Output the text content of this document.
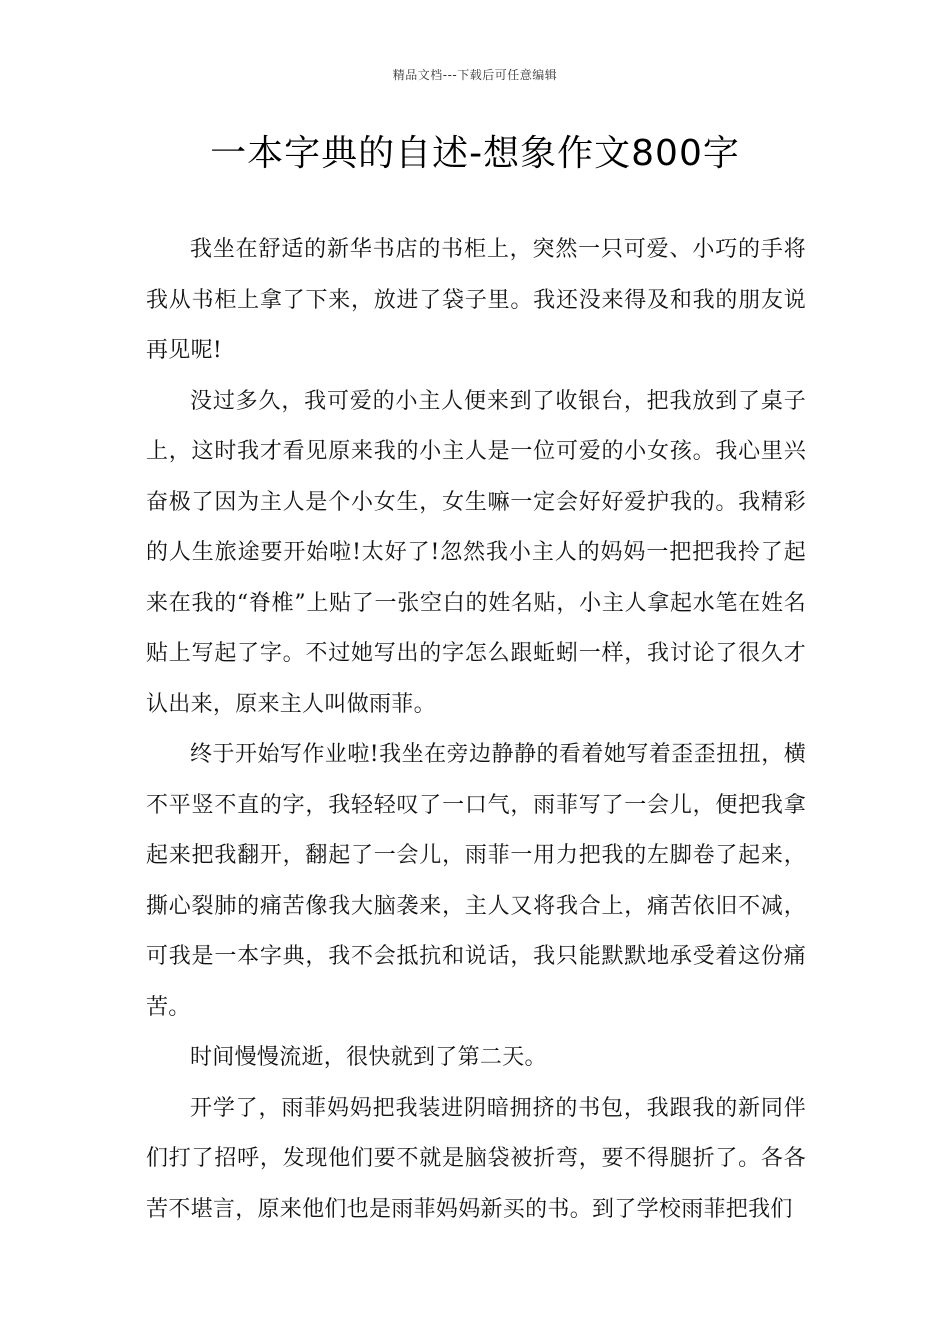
精品文档---下载后可任意编辑
一本字典的自述-想象作文800字

我坐在舒适的新华书店的书柜上，突然一只可爱、小巧的手将我从书柜上拿了下来，放进了袋子里。我还没来得及和我的朋友说再见呢!

没过多久，我可爱的小主人便来到了收银台，把我放到了桌子上，这时我才看见原来我的小主人是一位可爱的小女孩。我心里兴奋极了因为主人是个小女生，女生嘛一定会好好爱护我的。我精彩的人生旅途要开始啦!太好了!忽然我小主人的妈妈一把把我拎了起来在我的“脊椎”上贴了一张空白的姓名贴，小主人拿起水笔在姓名贴上写起了字。不过她写出的字怎么跟蚯蚓一样，我讨论了很久才认出来，原来主人叫做雨菲。

终于开始写作业啦!我坐在旁边静静的看着她写着歪歪扭扭，横不平竖不直的字，我轻轻叹了一口气，雨菲写了一会儿，便把我拿起来把我翻开，翻起了一会儿，雨菲一用力把我的左脚卷了起来，撕心裂肺的痛苦像我大脑袭来，主人又将我合上，痛苦依旧不减，可我是一本字典，我不会抵抗和说话，我只能默默地承受着这份痛苦。

时间慢慢流逝，很快就到了第二天。

开学了，雨菲妈妈把我装进阴暗拥挤的书包，我跟我的新同伴们打了招呼，发现他们要不就是脑袋被折弯，要不得腿折了。各各苦不堪言，原来他们也是雨菲妈妈新买的书。到了学校雨菲把我们
